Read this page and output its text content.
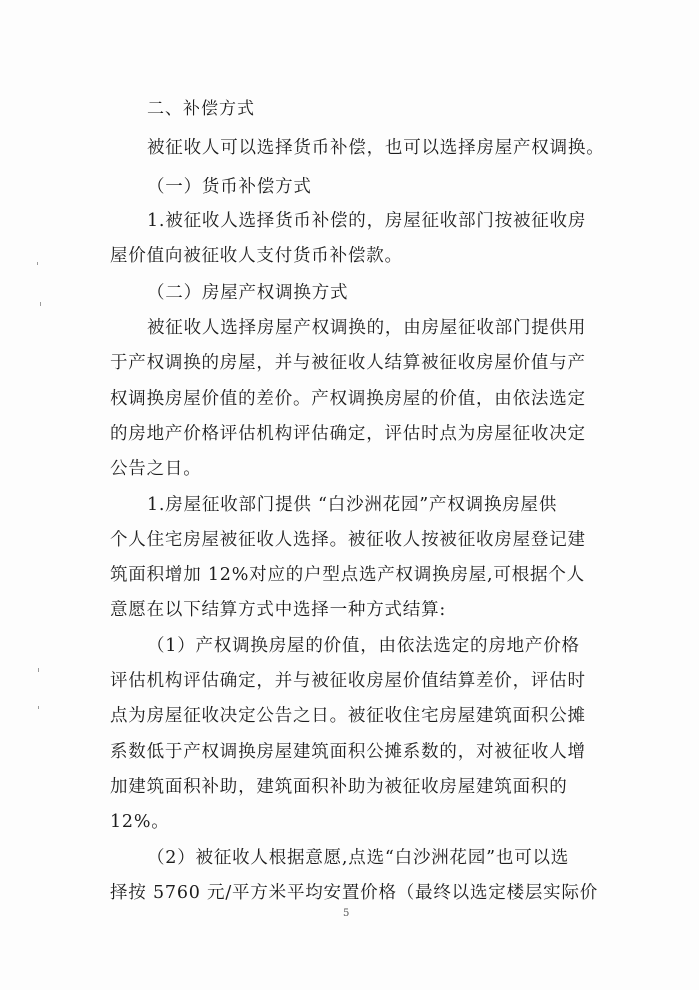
二、补偿方式
被征收人可以选择货币补偿，也可以选择房屋产权调换。
（一）货币补偿方式
1.被征收人选择货币补偿的，房屋征收部门按被征收房
屋价值向被征收人支付货币补偿款。
（二）房屋产权调换方式
被征收人选择房屋产权调换的，由房屋征收部门提供用
于产权调换的房屋，并与被征收人结算被征收房屋价值与产
权调换房屋价值的差价。产权调换房屋的价值，由依法选定
的房地产价格评估机构评估确定，评估时点为房屋征收决定
公告之日。
1.房屋征收部门提供 “白沙洲花园”产权调换房屋供
个人住宅房屋被征收人选择。被征收人按被征收房屋登记建
筑面积增加 12%对应的户型点选产权调换房屋,可根据个人
意愿在以下结算方式中选择一种方式结算:
（1）产权调换房屋的价值，由依法选定的房地产价格
评估机构评估确定，并与被征收房屋价值结算差价，评估时
点为房屋征收决定公告之日。被征收住宅房屋建筑面积公摊
系数低于产权调换房屋建筑面积公摊系数的，对被征收人增
加建筑面积补助，建筑面积补助为被征收房屋建筑面积的
12%。
（2）被征收人根据意愿,点选“白沙洲花园”也可以选
择按 5760 元/平方米平均安置价格（最终以选定楼层实际价
5
